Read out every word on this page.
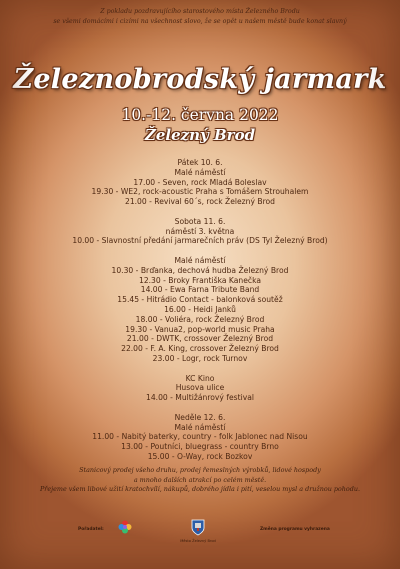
Z pokladu pozdravujícího starostového místa Železného Brodu
se všemi domácími i cizími na všechnost slovo, že se opět u našem městě bude konat slavný
Železnobrodský jarmark
10.-12. června 2022
Železný Brod
Pátek 10. 6.
Malé náměstí
17.00 - Seven, rock Mladá Boleslav
19.30 - WE2, rock-acoustic Praha s Tomášem Strouhalem
21.00 - Revival 60´s, rock Železný Brod
Sobota 11. 6.
náměstí 3. května
10.00 - Slavnostní předání jarmarečních práv (DS Tyl Železný Brod)
Malé náměstí
10.30 - Brďanka, dechová hudba Železný Brod
12.30 - Broky Františka Kanečka
14.00 - Ewa Farna Tribute Band
15.45 - Hitrádio Contact - balonková soutěž
16.00 - Heidi Janků
18.00 - Voliéra, rock Železný Brod
19.30 - Vanua2, pop-world music Praha
21.00 - DWTK, crossover Železný Brod
22.00 - F. A. King, crossover Železný Brod
23.00 - Logr, rock Turnov
KC Kino
Husova ulice
14.00 - Multižánrový festival
Neděle 12. 6.
Malé náměstí
11.00 - Nabitý baterky, country - folk Jablonec nad Nisou
13.00 - Poutníci, bluegrass - country Brno
15.00 - O-Way, rock Bozkov
Stanicový prodej všeho druhu, prodej řemeslných výrobků, lidové hospody
a mnoho dalších atrakcí po celém městě.
Přejeme všem libové užití kratochvílí, nákupů, dobrého jídla i pití, veselou mysl a družnou pohodu.
Pořadatel:
Město Železný Brod
Změna programu vyhrazena
